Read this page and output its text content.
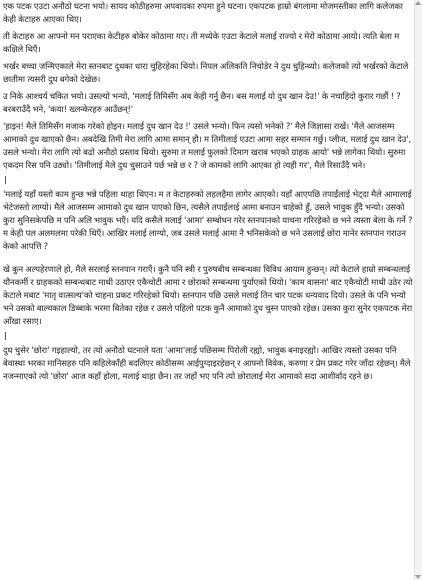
एक पटक एउटा अनौठो घटना भयो। सायद कोठीहरुमा अपवादका रुपमा हुने घटना। एकपटक हाम्रो बंगलामा मोजमस्तीका लागि कलेजका केही केटाहरु आएका थिए।

ती केटाहरु आ आफ्नो मन पराएका केटीहरु बोकेर कोठामा गए। ती मध्येके एउटा केटाले मलाई राज्यो र मेरो कोठामा आयो। त्यति बेला म कक्षिले थिएँ।

भर्खर बच्चा जन्मिएकाले मेरा स्तनबाट दुधका धारा चुहिरहेका थियो। निपल अलिकति निचोडेर ने दुध चुहिन्थ्यो। कलेजको त्यो भर्खरको केटाले छातीमा त्यसरी दुध बगेको देखेछ।

उ निके आश्चर्य चकित भयो। उसल्यो भन्यो, 'मलाई तिमिसँग अब केही गर्नु छैन। बस मलाई यो दुध खान देउ!' के नचाहिदो कुरार गर्छौ ! ?बरबराउँदै भने, 'कया! ख्लन्केरहरु आउँछन्!'

'हाइन! मैले तिमिसँग मजाक गरेको होइन। मलाई दुध खान देउ !' उसले भन्यो। फिन त्यसो भनेको ?' मैले जिज्ञासा राखें। 'मैले आजसम्म आमाको दुध खाएको छैन। अबदेखि तिमी मेरा लागि आमा समान् हौ। म तिमीलाई एउटा आमा सहर सम्मान गर्छु। प्लीज, मलाई दुध खान देउ', उसले भन्यो। मेरा लागि त्यो बढो अनौठो प्रस्ताव थियो। सुरुमा त मलाई फुलको दिमाग खराब भएको ग्राहक आयो' भन्ने लागेका थियो। सुरुमा एकदम रिस पनि उठ्यो। 'तिमीलाई मैले दुध चुसाउने पर्छ भन्ने छ र ? जे कामको लागि आएका हो त्यही गर', मैले रिसाउँदै भने।

'मलाई यहाँ यस्तो काम हुन्छ भन्ने पहिला थाहा थिएन। म त केटाहरुको लहलहैमा लागेर आएको। यहाँ आएपछि तपाईंलाई भेट्दा मैले आमालाई भेटेजस्तो लाग्यो। मैले आजसम्म आमाको दुध खान पाएको छिन, त्यसैले तपाईंलाई आमा बनाउन चाहेको हुँ, उसले भावुक हुँदै भन्यो। उसको कुरा सुनिसकेपछि म पनि अलि भावुक भएँ। यदि कसैले मलाई 'आमा' सम्बोधन गरेर स्तनपानको याचना गरिरहेको छ भने त्यस्ता बेला के गर्ने ? म केही पल अलमलमा परेकी थिएँ। आखिर मलाई लाग्यो, जब उसले मलाई आमा नै भनिसकेको छ भने उसलाई छोरा मानेर स्तनपान गराउन केको आपत्ति ?

खे कुन अल्पहेरणाले हो, मैले सरलाई स्तनपान गराएँ। कुनै पनि स्त्री र पुरुषबीच सम्बन्धका विविध आयाम हुन्छन्। त्यो केटाले हाम्रो सम्बन्धलाई यौनकर्मी र ग्राहकको सम्बन्धबाट माथी उठाएर एकैचोटी आमा र छोराको सम्बन्धमा पुर्याएको थियो। 'काम वासना' बाट एकैचोटी माथी उठेर त्यो केटाले मबाट 'मातृ वात्सल्य'को चाहना प्रकट गरिरहेको थियो। स्तनपान पछि उसले मलाई तिन चार पटक धन्यवाद दियो। उसले के पनि भन्यो भने उसको बाल्यकाल डिब्बाके भरमा बितेका रहेछ र उसले पहिलो पटक कुनै आमाको दुध चुस्न पाएको रहेछ। उसका कुरा सुनेर एकपटक मेरा आँखा रसाए।

दुध चुसेर 'छोरा' गइहाल्यो, तर त्यो अनौठो घटनाले यता 'आमा'लाई पछिसम्म पिरोली रह्यो, भावुक बनाइरह्यो। आखिर त्यस्तो उसका पनि बेवास्था भरका मानिसहरु पनि कहिलेकाँही बदलिएर कोठीसम्म आईपुग्दाइरहेछन् र आफ्नो विवेक, करुणा र प्रेम प्रकट गरेर जाँदा रहेछन्। मैले नजन्माएको त्यो 'छोरा' आज कहाँ होला, मलाई थाहा छैन। तर जहाँ भए पनि त्यो छोरालाई मेरा आमाको सदा आशीर्वाद रहने छ।
